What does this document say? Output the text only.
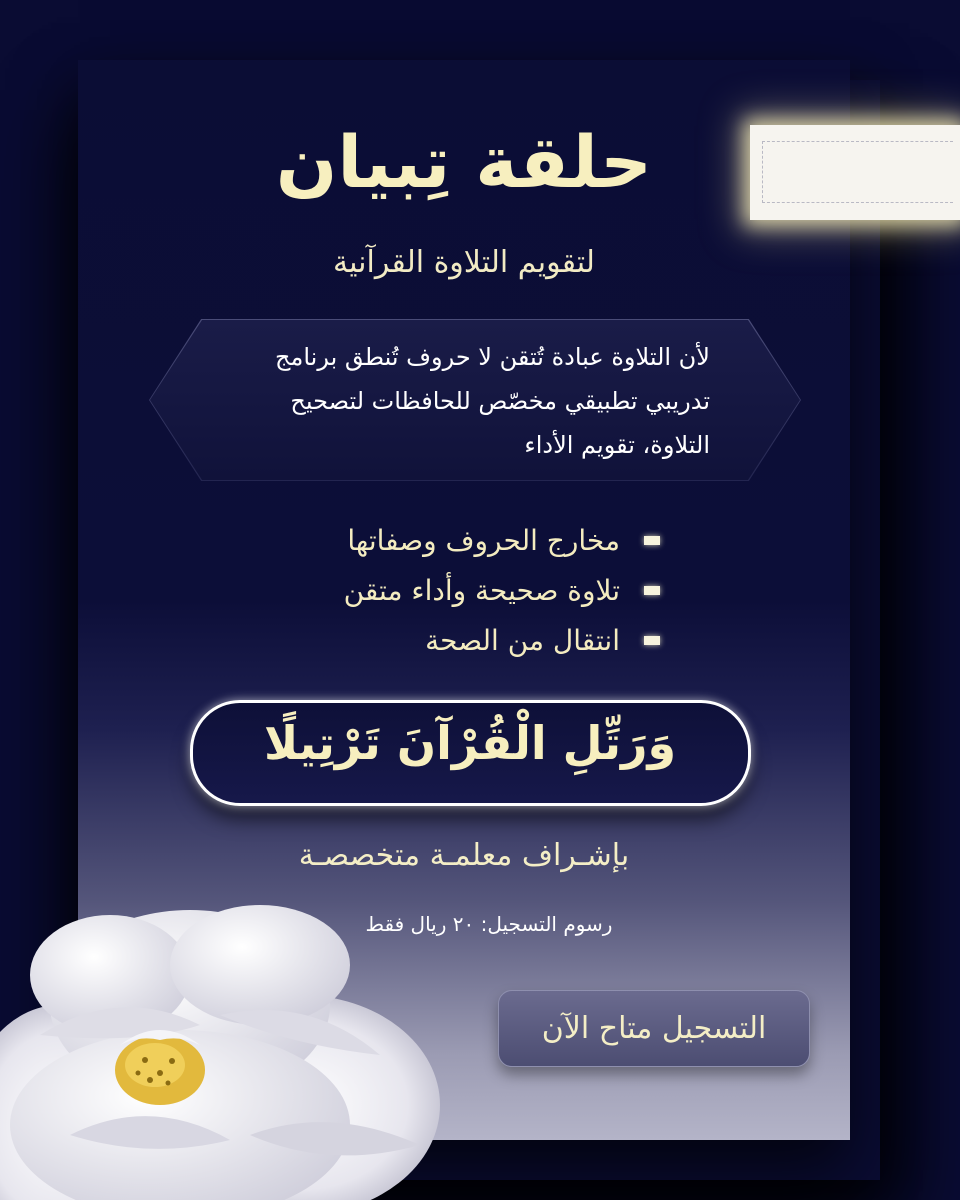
حلقة تِبيان
لتقويم التلاوة القرآنية
لأن التلاوة عبادة تُتقن لا حروف تُنطق برنامج تدريبي تطبيقي مخصّص للحافظات لتصحيح التلاوة، تقويم الأداء
مخارج الحروف وصفاتها
تلاوة صحيحة وأداء متقن
انتقال من الصحة
وَرَتِّلِ الْقُرْآنَ تَرْتِيلًا
بإشـراف معلمـة متخصصـة
رسوم التسجيل: ٢٠ ريال فقط
التسجيل متاح الآن
